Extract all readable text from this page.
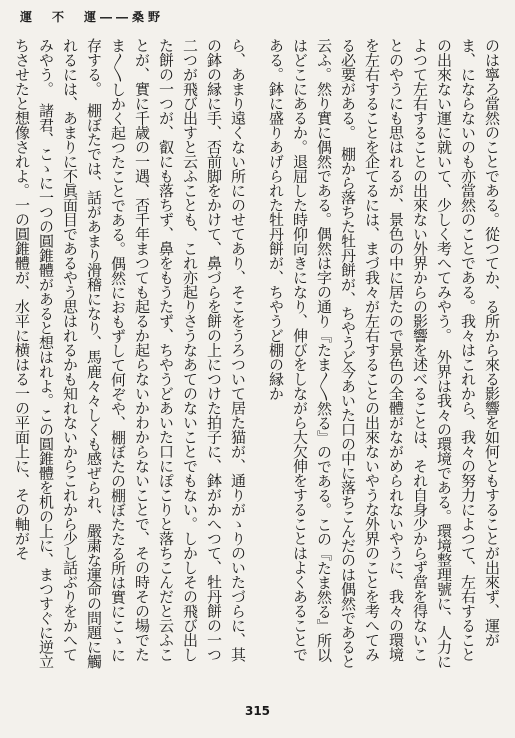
運　不　運――桑野

のは寧ろ當然のことである。從つてか、る所から來る影響を如何ともすることが出來ず、運がま、にならないのも亦當然のことである。我々はこれから、我々の努力によつて、左右することの出來ない運に就いて、少しく考へてみやう。　外界は我々の環境である。環境整理號に、人力によつて左右することの出來ない外界からの影響を述べることは、それ自身少からず當を得ないことのやうにも思はれるが、景色の中に居たので景色の全體がながめられないやうに、我々の環境を左右することを企てるには、まづ我々が左右することの出來ないやうな外界のことを考へてみる必要がある。　棚から落ちた牡丹餅が、ちやうど今あいた口の中に落ちこんだのは偶然であると云ふ。然り實に偶然である。偶然は字の通り『たま〳〵然る』のである。この『たま然る』所以はどこにあるか。退屈した時仰向きになり、伸びをしながら大欠伸をすることはよくあることである。鉢に盛りあげられた牡丹餅が、ちやうど棚の縁か

ら、あまり遠くない所にのせてあり、そこをうろついて居た猫が、通りがゝりのいたづらに、其の鉢の縁に手、否前脚をかけて、鼻づらを餅の上につけた拍子に、鉢がかへつて、牡丹餅の一つ二つが飛び出すと云ふことも、これ亦起りさうなあてのないことでもない。しかしその飛び出した餅の一つが、叡にも落ちず、鼻をもうたず、ちやうどあいた口にぽこりと落ちこんだと云ふことが、實に千歳の一遇、否千年まつても起るか起らないかわからないことで、その時その場でたま〳〵しかく起つたことである。偶然におもずして何ぞや、棚ぼたの棚ぼたたる所は實にこゝに存する。　棚ぼたでは、話があまり滑稽になり、馬鹿々々しくも感ぜられ、嚴粛な運命の問題に觸れるには、あまりに不眞面目であるやう思はれるかも知れないからこれから少し話ぶりをかへてみやう。　諸君、こゝに一つの圓錐體があると想はれよ。この圓錐體を机の上に、まつすぐに逆立ちさせたと想像されよ。一の圓錐體が、水平に横はる一の平面上に、その軸がそ

315
